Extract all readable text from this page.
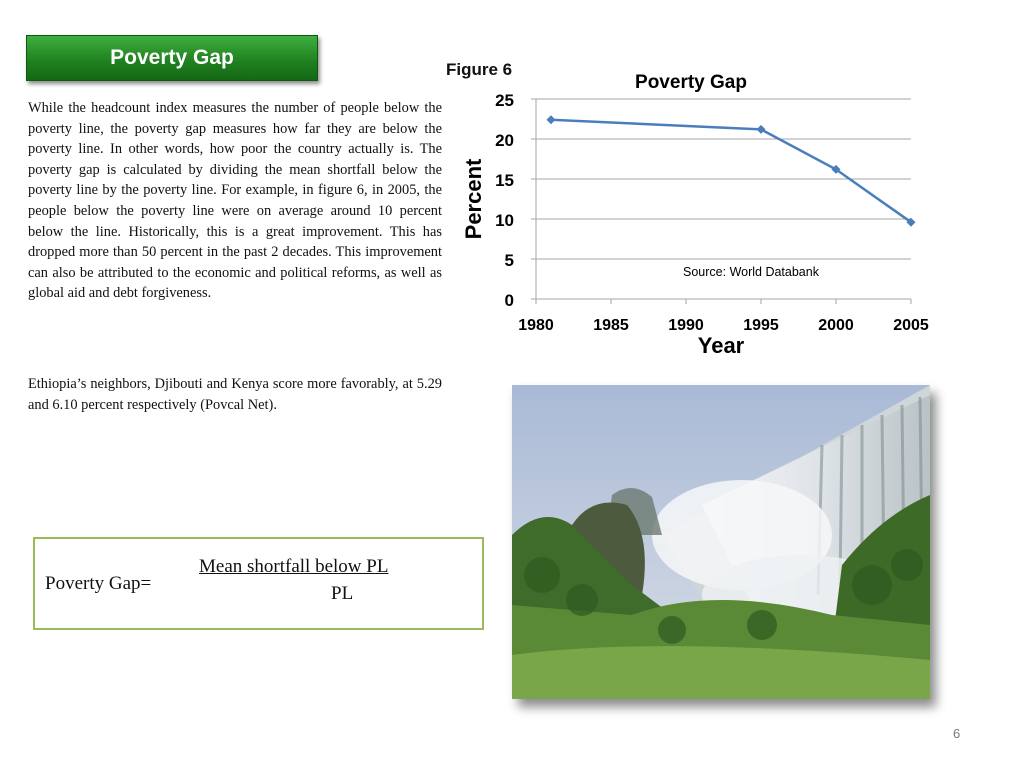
Poverty Gap

While the headcount index measures the number of people below the poverty line, the poverty gap measures how far they are below the poverty line. In other words, how poor the country actually is. The poverty gap is calculated by dividing the mean shortfall below the poverty line by the poverty line. For example, in figure 6, in 2005, the people below the poverty line were on average around 10 percent below the line. Historically, this is a great improvement. This has dropped more than 50 percent in the past 2 decades. This improvement can also be attributed to the economic and political reforms, as well as global aid and debt forgiveness.

Ethiopia’s neighbors, Djibouti and Kenya score more favorably, at 5.29 and 6.10 percent respectively (Povcal Net).

Poverty Gap=
Mean shortfall below PL
PL
Figure 6
Poverty Gap
0
5
10
15
20
25
1980 1985 1990 1995 2000 2005
Percent
Year
Source: World Databank
6
